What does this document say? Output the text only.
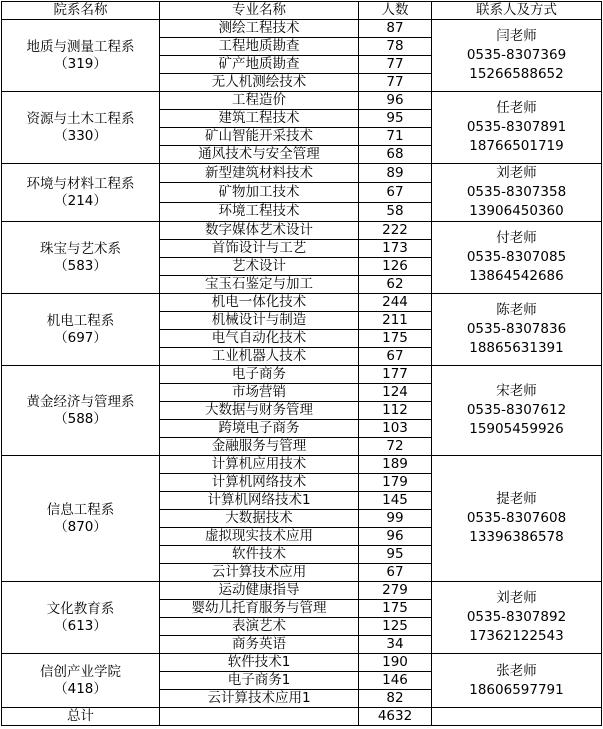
院系名称	专业名称	人数	联系人及方式

地质与测量工程系
（319）	测绘工程技术	87	闫老师
0535-8307369
15266588652

	工程地质勘查	78	
	矿产地质勘查	77	
	无人机测绘技术	77	

资源与土木工程系
（330）	工程造价	96	任老师
0535-8307891
18766501719

	建筑工程技术	95	
	矿山智能开采技术	71	
	通风技术与安全管理	68	

环境与材料工程系
（214）	新型建筑材料技术	89	刘老师
0535-8307358
13906450360

	矿物加工技术	67	
	环境工程技术	58	

珠宝与艺术系
（583）	数字媒体艺术设计	222	付老师
0535-8307085
13864542686

	首饰设计与工艺	173	
	艺术设计	126	
	宝玉石鉴定与加工	62	

机电工程系
（697）	机电一体化技术	244	陈老师
0535-8307836
18865631391

	机械设计与制造	211	
	电气自动化技术	175	
	工业机器人技术	67	

黄金经济与管理系
（588）	电子商务	177	宋老师
0535-8307612
15905459926

	市场营销	124	
	大数据与财务管理	112	
	跨境电子商务	103	
	金融服务与管理	72	

信息工程系
（870）	计算机应用技术	189	提老师
0535-8307608
13396386578

	计算机网络技术	179	
	计算机网络技术1	145	
	大数据技术	99	
	虚拟现实技术应用	96	
	软件技术	95	
	云计算技术应用	67	

文化教育系
（613）	运动健康指导	279	刘老师
0535-8307892
17362122543

	婴幼儿托育服务与管理	175	
	表演艺术	125	
	商务英语	34	

信创产业学院
（418）	软件技术1	190	张老师
18606597791

	电子商务1	146	
	云计算技术应用1	82	
总计		4632	
